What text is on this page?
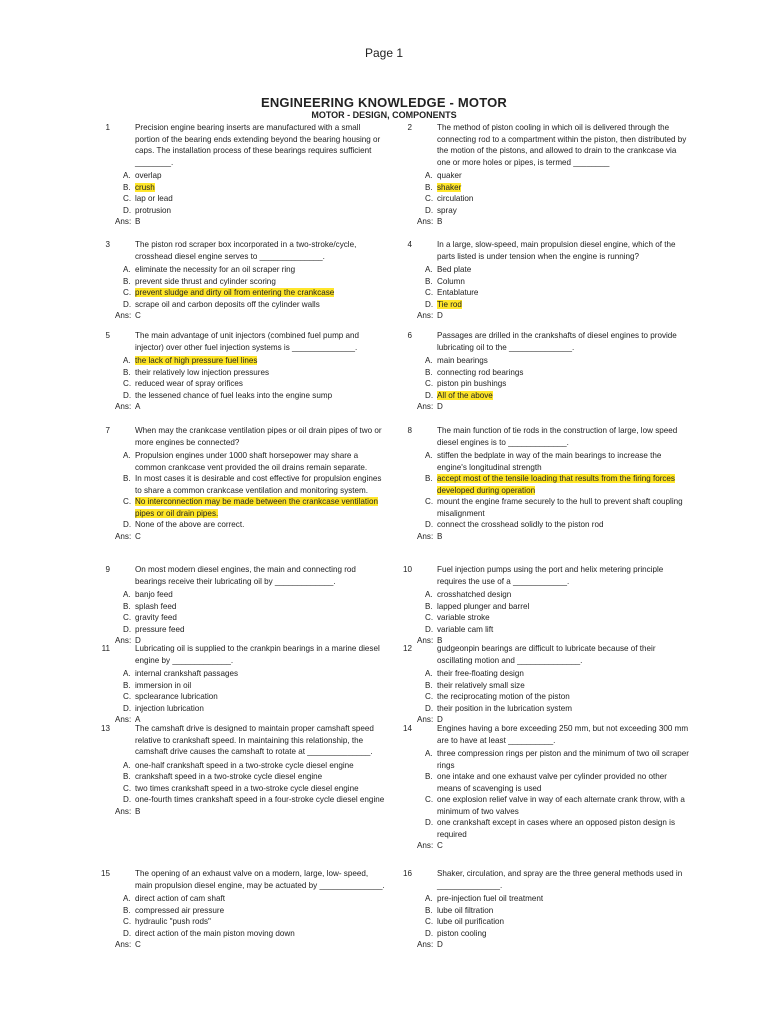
Page 1
ENGINEERING KNOWLEDGE - MOTOR
MOTOR - DESIGN, COMPONENTS
1	Precision engine bearing inserts are manufactured with a small portion of the bearing ends extending beyond the bearing housing or caps. The installation process of these bearings requires sufficient ________.
A. overlap
B. crush
C. lap or lead
D. protrusion
Ans: B
3	The piston rod scraper box incorporated in a two-stroke/cycle, crosshead diesel engine serves to ______________.
A. eliminate the necessity for an oil scraper ring
B. prevent side thrust and cylinder scoring
C. prevent sludge and dirty oil from entering the crankcase
D. scrape oil and carbon deposits off the cylinder walls
Ans: C
5	The main advantage of unit injectors (combined fuel pump and injector) over other fuel injection systems is ______________.
A. the lack of high pressure fuel lines
B. their relatively low injection pressures
C. reduced wear of spray orifices
D. the lessened chance of fuel leaks into the engine sump
Ans: A
7	When may the crankcase ventilation pipes or oil drain pipes of two or more engines be connected?
A. Propulsion engines under 1000 shaft horsepower may share a common crankcase vent provided the oil drains remain separate.
B. In most cases it is desirable and cost effective for propulsion engines to share a common crankcase ventilation and monitoring system.
C. No interconnection may be made between the crankcase ventilation pipes or oil drain pipes.
D. None of the above are correct.
Ans: C
9	On most modern diesel engines, the main and connecting rod bearings receive their lubricating oil by _____________.
A. banjo feed
B. splash feed
C. gravity feed
D. pressure feed
Ans: D
11	Lubricating oil is supplied to the crankpin bearings in a marine diesel engine by _____________.
A. internal crankshaft passages
B. immersion in oil
C. spclearance lubrication
D. injection lubrication
Ans: A
13	The camshaft drive is designed to maintain proper camshaft speed relative to crankshaft speed. In maintaining this relationship, the camshaft drive causes the camshaft to rotate at ______________.
A. one-half crankshaft speed in a two-stroke cycle diesel engine
B. crankshaft speed in a two-stroke cycle diesel engine
C. two times crankshaft speed in a two-stroke cycle diesel engine
D. one-fourth times crankshaft speed in a four-stroke cycle diesel engine
Ans: B
15	The opening of an exhaust valve on a modern, large, low- speed, main propulsion diesel engine, may be actuated by ______________.
A. direct action of cam shaft
B. compressed air pressure
C. hydraulic "push rods"
D. direct action of the main piston moving down
Ans: C
2	The method of piston cooling in which oil is delivered through the connecting rod to a compartment within the piston, then distributed by the motion of the pistons, and allowed to drain to the crankcase via one or more holes or pipes, is termed ________
A. quaker
B. shaker
C. circulation
D. spray
Ans: B
4	In a large, slow-speed, main propulsion diesel engine, which of the parts listed is under tension when the engine is running?
A. Bed plate
B. Column
C. Entablature
D. Tie rod
Ans: D
6	Passages are drilled in the crankshafts of diesel engines to provide lubricating oil to the ______________.
A. main bearings
B. connecting rod bearings
C. piston pin bushings
D. All of the above
Ans: D
8	The main function of tie rods in the construction of large, low speed diesel engines is to _____________.
A. stiffen the bedplate in way of the main bearings to increase the engine's longitudinal strength
B. accept most of the tensile loading that results from the firing forces developed during operation
C. mount the engine frame securely to the hull to prevent shaft coupling misalignment
D. connect the crosshead solidly to the piston rod
Ans: B
10	Fuel injection pumps using the port and helix metering principle requires the use of a ____________.
A. crosshatched design
B. lapped plunger and barrel
C. variable stroke
D. variable cam lift
Ans: B
12	gudgeonpin bearings are difficult to lubricate because of their oscillating motion and ______________.
A. their free-floating design
B. their relatively small size
C. the reciprocating motion of the piston
D. their position in the lubrication system
Ans: D
14	Engines having a bore exceeding 250 mm, but not exceeding 300 mm are to have at least __________.
A. three compression rings per piston and the minimum of two oil scraper rings
B. one intake and one exhaust valve per cylinder provided no other means of scavenging is used
C. one explosion relief valve in way of each alternate crank throw, with a minimum of two valves
D. one crankshaft except in cases where an opposed piston design is required
Ans: C
16	Shaker, circulation, and spray are the three general methods used in ______________.
A. pre-injection fuel oil treatment
B. lube oil filtration
C. lube oil purification
D. piston cooling
Ans: D
